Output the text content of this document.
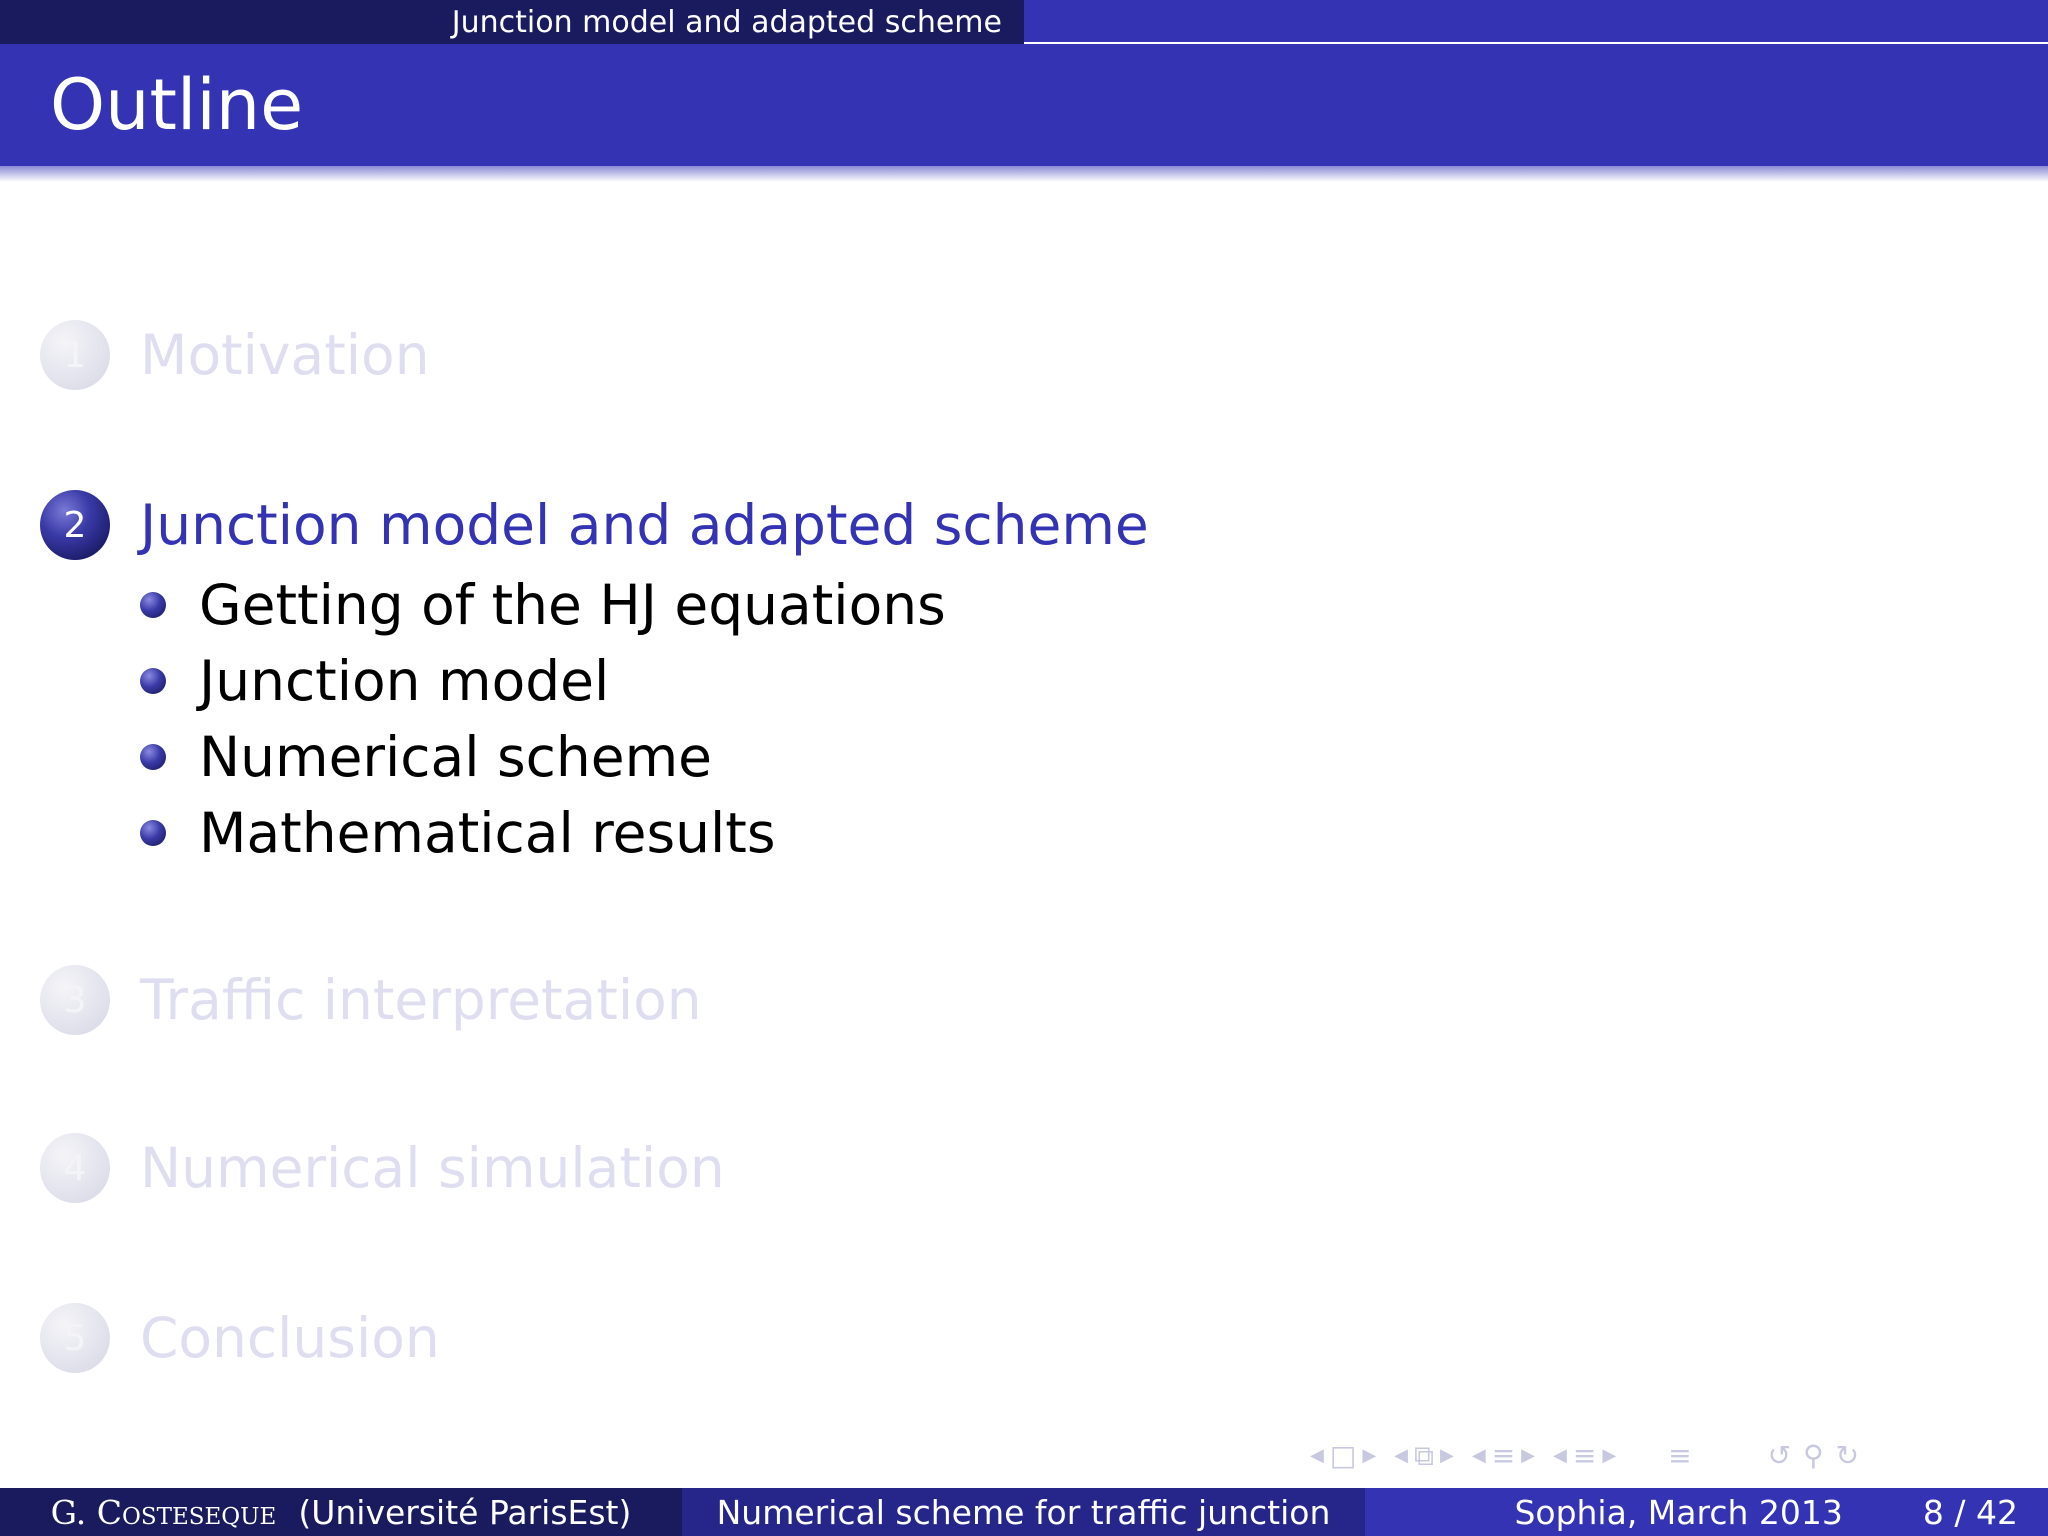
Junction model and adapted scheme
Outline
1 Motivation
2 Junction model and adapted scheme
Getting of the HJ equations
Junction model
Numerical scheme
Mathematical results
3 Traffic interpretation
4 Numerical simulation
5 Conclusion
◀ □ ▶ ◀ ⧉ ▶ ◀ ≡ ▶ ◀ ≡ ▶ ≡	↺ ⚲ ↻
G. Costeseque (Université ParisEst)	Numerical scheme for traffic junction	Sophia, March 2013 8 / 42
